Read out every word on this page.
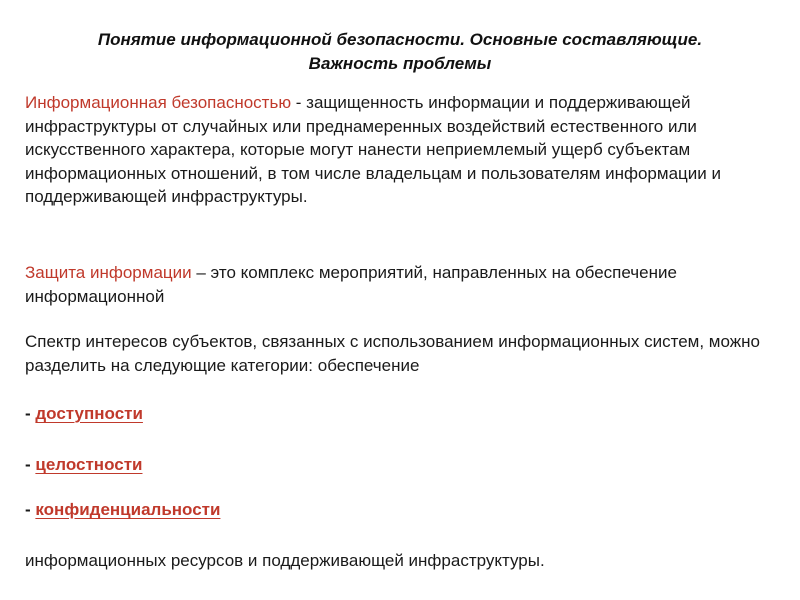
Понятие информационной безопасности. Основные составляющие.
Важность проблемы
Информационная безопасностью - защищенность информации и поддерживающей инфраструктуры от случайных или преднамеренных воздействий естественного или искусственного характера, которые могут нанести неприемлемый ущерб субъектам информационных отношений, в том числе владельцам и пользователям информации и поддерживающей инфраструктуры.
Защита информации – это комплекс мероприятий, направленных на обеспечение информационной
Спектр интересов субъектов, связанных с использованием информационных систем, можно разделить на следующие категории: обеспечение
- доступности
- целостности
- конфиденциальности
информационных ресурсов и поддерживающей инфраструктуры.
